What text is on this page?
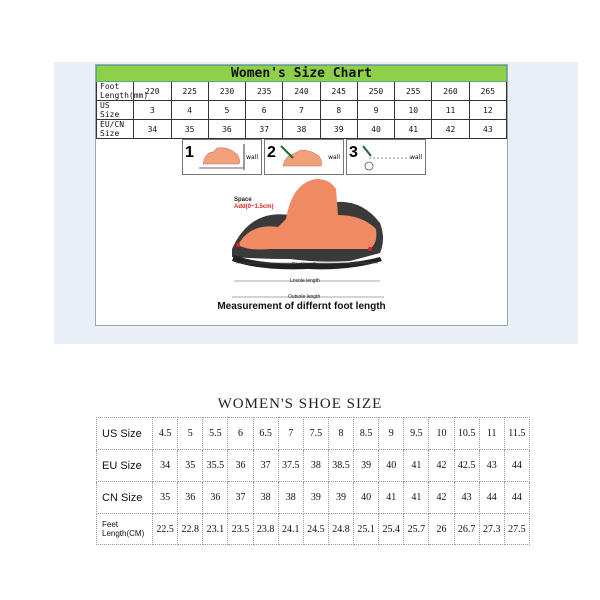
Women's Size Chart										
Foot Length(mm)	220	225	230	235	240	245	250	255	260	265
US Size	3	4	5	6	7	8	9	10	11	12
EU/CN Size	34	35	36	37	38	39	40	41	42	43
1	wall 2	wall 3	wall
Space
Add(0~1.5cm)
Foot length
Lnsole length
Outsole length
Measurement of differnt foot length
WOMEN'S SHOE SIZE
US Size	4.5	5	5.5	6	6.5	7	7.5	8	8.5	9	9.5	10	10.5	11	11.5
EU Size	34	35	35.5	36	37	37.5	38	38.5	39	40	41	42	42.5	43	44
CN Size	35	36	36	37	38	38	39	39	40	41	41	42	43	44	44
Feet Length(CM)	22.5	22.8	23.1	23.5	23.8	24.1	24.5	24.8	25.1	25.4	25.7	26	26.7	27.3	27.5
